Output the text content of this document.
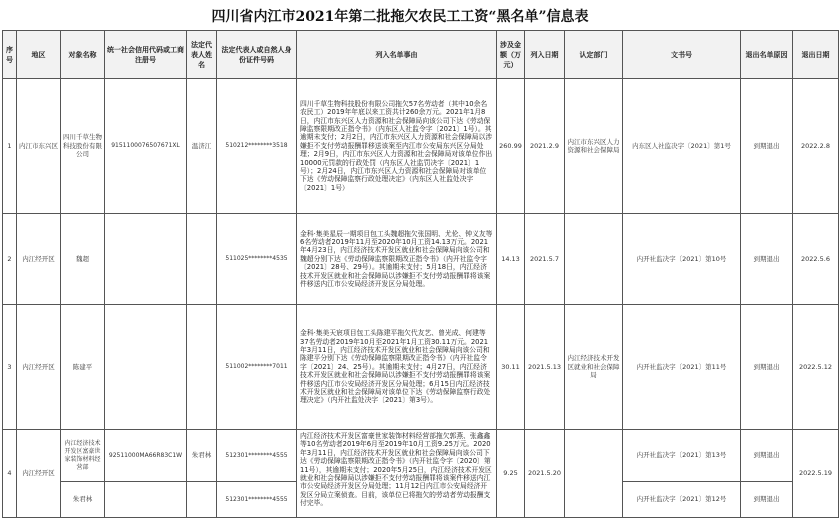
四川省内江市2021年第二批拖欠农民工工资“黑名单”信息表
序号	地区	对象名称	统一社会信用代码或工商注册号	法定代表人姓名	法定代表人或自然人身份证件号码	列入名单事由	涉及金额（万元）	列入日期	认定部门	文书号	退出名单原因	退出日期
1	内江市东兴区	四川千草生物科技股份有限公司	9151100076507671XL	温济江	510212********3518	四川千草生物科技股份有限公司拖欠57名劳动者（其中10余名农民工）2019年年底以来工资共计260余万元。2021年1月8日，内江市东兴区人力资源和社会保障局向该公司下达《劳动保障监察限期改正指令书》（内东区人社监令字〔2021〕1号）。其逾期未支付；2月2日，内江市东兴区人力资源和社会保障局以涉嫌拒不支付劳动报酬罪移送该案至内江市公安局东兴区分局处理；2月9日，内江市东兴区人力资源和社会保障局对该单位作出10000元罚款的行政处罚（内东区人社监罚决字〔2021〕1号）；2月24日，内江市东兴区人力资源和社会保障局对该单位下达《劳动保障监察行政处理决定》（内东区人社监处决字〔2021〕1号）	260.99	2021.2.9	内江市东兴区人力资源和社会保障局	内东区人社监决字〔2021〕第1号	到期退出	2022.2.8
2	内江经开区	魏超			511025********4535	金科·集美星辰一期项目包工头魏超拖欠张国明、尤伦、钟义友等6名劳动者2019年11月至2020年10月工资14.13万元。2021年4月23日，内江经济技术开发区就业和社会保障局向该公司和魏超分别下达《劳动保障监察限期改正指令书》（内开社监令字〔2021〕28号、29号）。其逾期未支付；5月18日，内江经济技术开发区就业和社会保障局以涉嫌拒不支付劳动报酬罪将该案件移送内江市公安局经济开发区分局处理。	14.13	2021.5.7		内开社监决字〔2021〕第10号	到期退出	2022.5.6
3	内江经开区	陈建平			511002********7011	金科·集美天宸项目包工头陈建平拖欠代友艺、曾光成、何建等37名劳动者2019年10月至2021年1月工资30.11万元。2021年3月11日，内江经济技术开发区就业和社会保障局向该公司和陈建平分别下达《劳动保障监察限期改正指令书》（内开社监令字〔2021〕24、25号）。其逾期未支付；4月27日，内江经济技术开发区就业和社会保障局以涉嫌拒不支付劳动报酬罪将该案件移送内江市公安局经济开发区分局处理；6月15日内江经济技术开发区就业和社会保障局对该单位下达《劳动保障监察行政处理决定》（内开社监处决字〔2021〕第3号）。	30.11	2021.5.13	内江经济技术开发区就业和社会保障局	内开社监决字〔2021〕第11号	到期退出	2022.5.12
4	内江经开区	内江经济技术开发区富豪世家装饰材料经营部	92511000MA66R83C1W	朱君林	512301********4555	内江经济技术开发区富豪世家装饰材料经营部拖欠郭燕、张鑫鑫等10名劳动者2019年6月至2019年10月工资9.25万元。2020年3月11日，内江经济技术开发区就业和社会保障局向该公司下达《劳动保障监察限期改正指令书》（内开社监令字〔2020〕第11号），其逾期未支付；2020年5月25日，内江经济技术开发区就业和社会保障局以涉嫌拒不支付劳动报酬罪将该案件移送内江市公安局经济开发区分局处理；11月12日内江市公安局经济开发区分局立案侦查。目前，该单位已将拖欠的劳动者劳动报酬支付完毕。	9.25	2021.5.20		内开社监决字〔2021〕第13号	到期退出	2022.5.19
		朱君林			512301********4555					内开社监决字〔2021〕第12号	到期退出	
